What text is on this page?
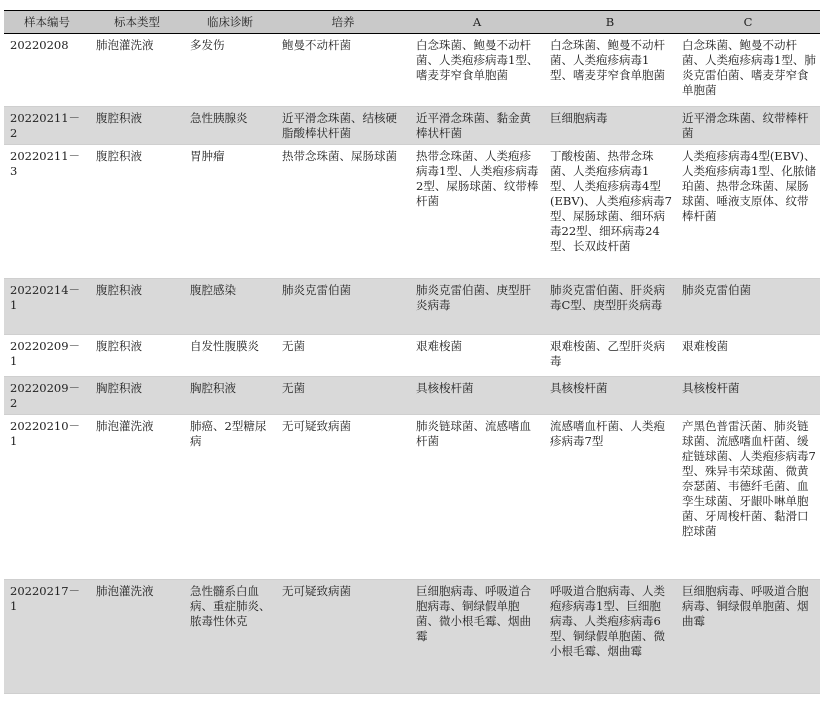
样本编号	标本类型	临床诊断	培养	A	B	C
20220208	肺泡灌洗液	多发伤	鲍曼不动杆菌	白念珠菌、鲍曼不动杆菌、人类疱疹病毒1型、嗜麦芽窄食单胞菌	白念珠菌、鲍曼不动杆菌、人类疱疹病毒1型、嗜麦芽窄食单胞菌	白念珠菌、鲍曼不动杆菌、人类疱疹病毒1型、肺炎克雷伯菌、嗜麦芽窄食单胞菌
20220211－2	腹腔积液	急性胰腺炎	近平滑念珠菌、结核硬脂酸棒状杆菌	近平滑念珠菌、黏金黄棒状杆菌	巨细胞病毒	近平滑念珠菌、纹带棒杆菌
20220211－3	腹腔积液	胃肿瘤	热带念珠菌、屎肠球菌	热带念珠菌、人类疱疹病毒1型、人类疱疹病毒2型、屎肠球菌、纹带棒杆菌	丁酸梭菌、热带念珠菌、人类疱疹病毒1型、人类疱疹病毒4型(EBV)、人类疱疹病毒7型、屎肠球菌、细环病毒22型、细环病毒24型、长双歧杆菌	人类疱疹病毒4型(EBV)、人类疱疹病毒1型、化脓储珀菌、热带念珠菌、屎肠球菌、唾液支原体、纹带棒杆菌
20220214－1	腹腔积液	腹腔感染	肺炎克雷伯菌	肺炎克雷伯菌、庚型肝炎病毒	肺炎克雷伯菌、肝炎病毒C型、庚型肝炎病毒	肺炎克雷伯菌
20220209－1	腹腔积液	自发性腹膜炎	无菌	艰难梭菌	艰难梭菌、乙型肝炎病毒	艰难梭菌
20220209－2	胸腔积液	胸腔积液	无菌	具核梭杆菌	具核梭杆菌	具核梭杆菌
20220210－1	肺泡灌洗液	肺癌、2型糖尿病	无可疑致病菌	肺炎链球菌、流感嗜血杆菌	流感嗜血杆菌、人类疱疹病毒7型	产黑色普雷沃菌、肺炎链球菌、流感嗜血杆菌、缓症链球菌、人类疱疹病毒7型、殊异韦荣球菌、微黄奈瑟菌、韦德纤毛菌、血孪生球菌、牙龈卟啉单胞菌、牙周梭杆菌、黏滑口腔球菌
20220217－1	肺泡灌洗液	急性髓系白血病、重症肺炎、脓毒性休克	无可疑致病菌	巨细胞病毒、呼吸道合胞病毒、铜绿假单胞菌、微小根毛霉、烟曲霉	呼吸道合胞病毒、人类疱疹病毒1型、巨细胞病毒、人类疱疹病毒6型、铜绿假单胞菌、微小根毛霉、烟曲霉	巨细胞病毒、呼吸道合胞病毒、铜绿假单胞菌、烟曲霉
